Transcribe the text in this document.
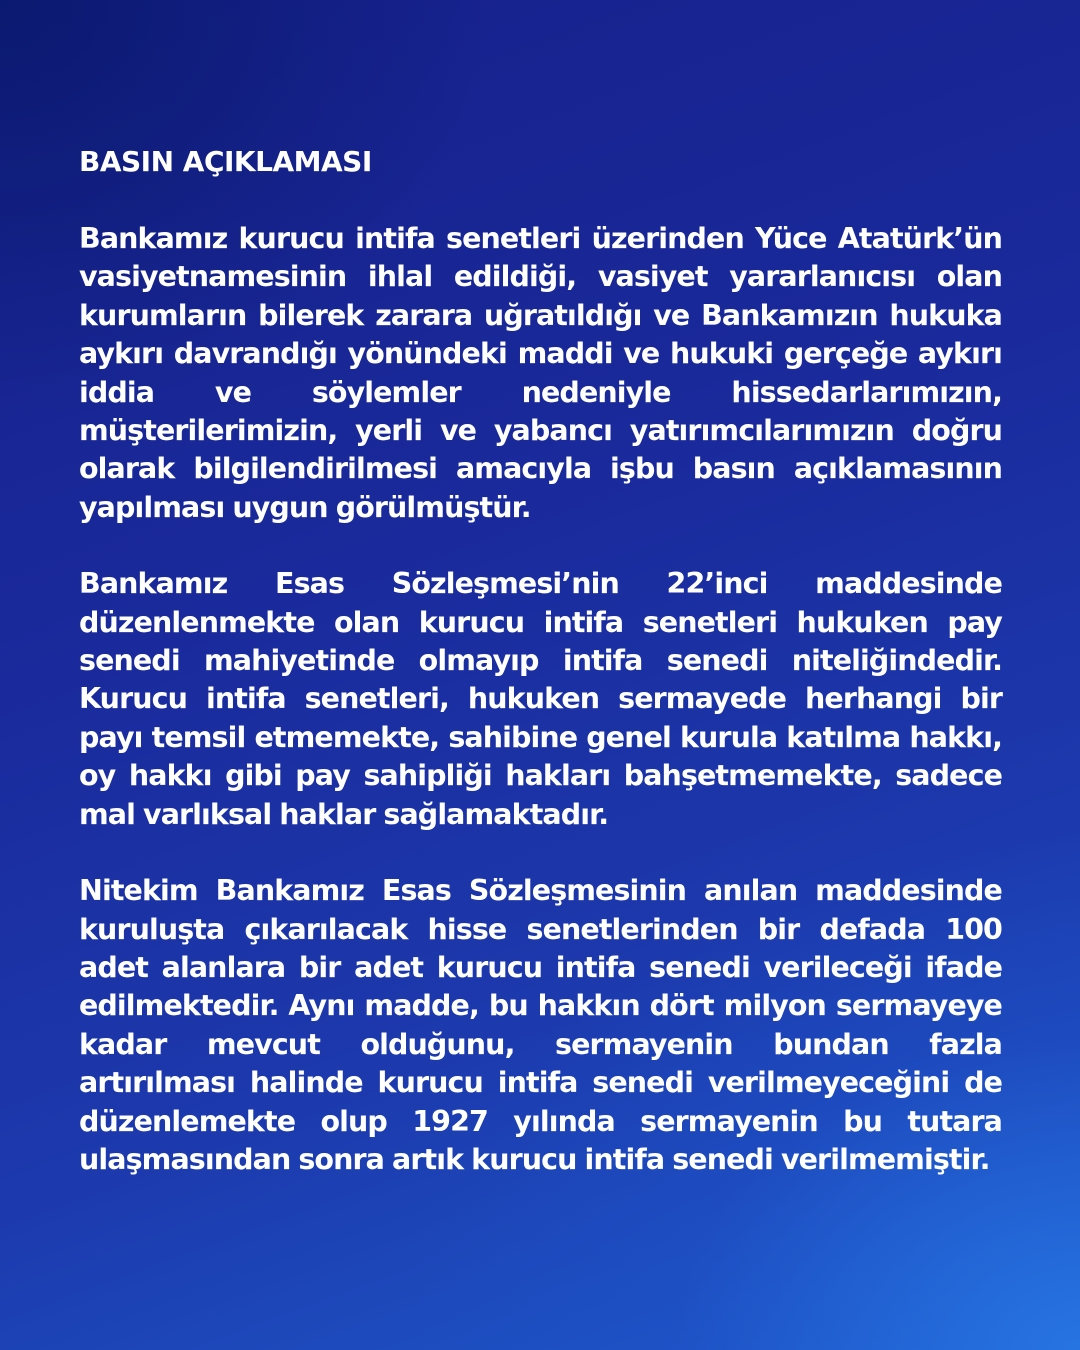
BASIN AÇIKLAMASI

Bankamız kurucu intifa senetleri üzerinden Yüce Atatürk’ün vasiyetnamesinin ihlal edildiği, vasiyet yararlanıcısı olan kurumların bilerek zarara uğratıldığı ve Bankamızın hukuka aykırı davrandığı yönündeki maddi ve hukuki gerçeğe aykırı iddia ve söylemler nedeniyle hissedarlarımızın, müşterilerimizin, yerli ve yabancı yatırımcılarımızın doğru olarak bilgilendirilmesi amacıyla işbu basın açıklamasının yapılması uygun görülmüştür.

Bankamız Esas Sözleşmesi’nin 22’inci maddesinde düzenlenmekte olan kurucu intifa senetleri hukuken pay senedi mahiyetinde olmayıp intifa senedi niteliğindedir. Kurucu intifa senetleri, hukuken sermayede herhangi bir payı temsil etmemekte, sahibine genel kurula katılma hakkı, oy hakkı gibi pay sahipliği hakları bahşetmemekte, sadece mal varlıksal haklar sağlamaktadır.

Nitekim Bankamız Esas Sözleşmesinin anılan maddesinde kuruluşta çıkarılacak hisse senetlerinden bir defada 100 adet alanlara bir adet kurucu intifa senedi verileceği ifade edilmektedir. Aynı madde, bu hakkın dört milyon sermayeye kadar mevcut olduğunu, sermayenin bundan fazla artırılması halinde kurucu intifa senedi verilmeyeceğini de düzenlemekte olup 1927 yılında sermayenin bu tutara ulaşmasından sonra artık kurucu intifa senedi verilmemiştir.
